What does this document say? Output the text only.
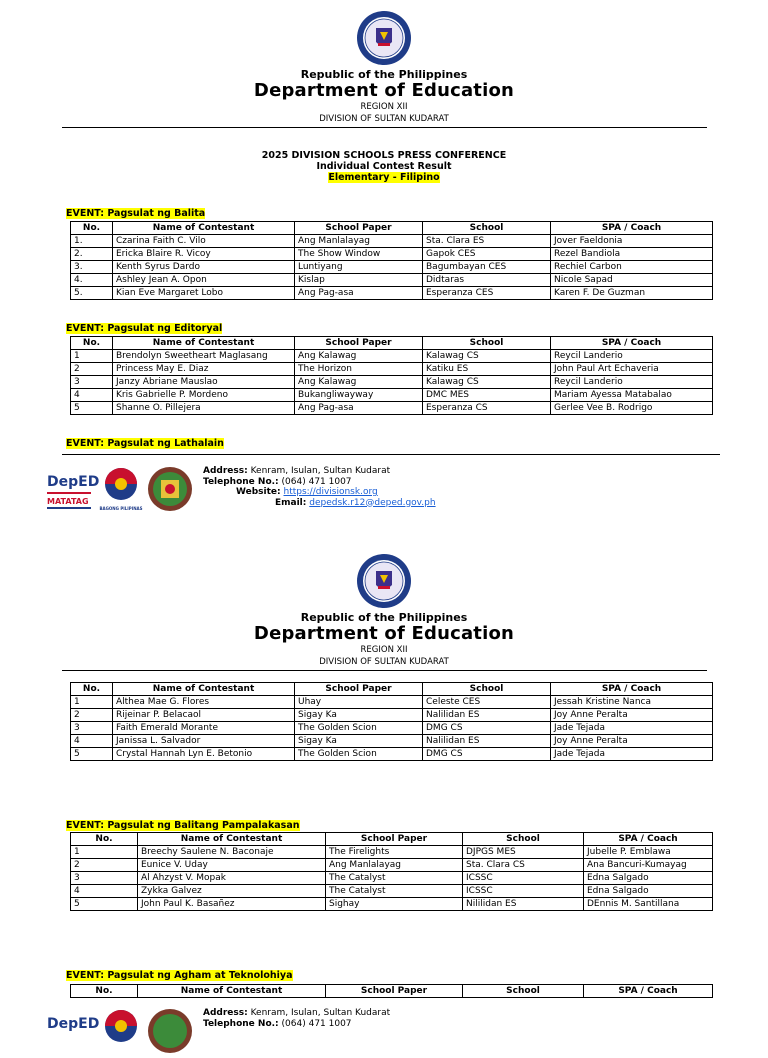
Republic of the Philippines
Department of Education
REGION XII
DIVISION OF SULTAN KUDARAT
2025 DIVISION SCHOOLS PRESS CONFERENCE
Individual Contest Result
Elementary - Filipino
EVENT: Pagsulat ng Balita
No.	Name of Contestant	School Paper	School	SPA / Coach
1.	Czarina Faith C. Vilo	Ang Manlalayag	Sta. Clara ES	Jover Faeldonia
2.	Ericka Blaire R. Vicoy	The Show Window	Gapok CES	Rezel Bandiola
3.	Kenth Syrus Dardo	Luntiyang	Bagumbayan CES	Rechiel Carbon
4.	Ashley Jean A. Opon	Kislap	Didtaras	Nicole Sapad
5.	Kian Eve Margaret Lobo	Ang Pag-asa	Esperanza CES	Karen F. De Guzman
EVENT: Pagsulat ng Editoryal
No.	Name of Contestant	School Paper	School	SPA / Coach
1	Brendolyn Sweetheart Maglasang	Ang Kalawag	Kalawag CS	Reycil Landerio
2	Princess May E. Diaz	The Horizon	Katiku ES	John Paul Art Echaveria
3	Janzy Abriane Mauslao	Ang Kalawag	Kalawag CS	Reycil Landerio
4	Kris Gabrielle P. Mordeno	Bukangliwayway	DMC MES	Mariam Ayessa Matabalao
5	Shanne O. Pillejera	Ang Pag-asa	Esperanza CS	Gerlee Vee B. Rodrigo
EVENT: Pagsulat ng Lathalain
DepED
MATATAG
BAGONG PILIPINAS
Address: Kenram, Isulan, Sultan Kudarat
Telephone No.: (064) 471 1007
Website: https://divisionsk.org
Email: depedsk.r12@deped.gov.ph
Republic of the Philippines
Department of Education
REGION XII
DIVISION OF SULTAN KUDARAT
No.	Name of Contestant	School Paper	School	SPA / Coach
1	Althea Mae G. Flores	Uhay	Celeste CES	Jessah Kristine Nanca
2	Rijeinar P. Belacaol	Sigay Ka	Nalilidan ES	Joy Anne Peralta
3	Faith Emerald Morante	The Golden Scion	DMG CS	Jade Tejada
4	Janissa L. Salvador	Sigay Ka	Nalilidan ES	Joy Anne Peralta
5	Crystal Hannah Lyn E. Betonio	The Golden Scion	DMG CS	Jade Tejada
EVENT: Pagsulat ng Balitang Pampalakasan
No.	Name of Contestant	School Paper	School	SPA / Coach
1	Breechy Saulene N. Baconaje	The Firelights	DJPGS MES	Jubelle P. Emblawa
2	Eunice V. Uday	Ang Manlalayag	Sta. Clara CS	Ana Bancuri-Kumayag
3	Al Ahzyst V. Mopak	The Catalyst	ICSSC	Edna Salgado
4	Zykka Galvez	The Catalyst	ICSSC	Edna Salgado
5	John Paul K. Basañez	Sighay	Nililidan ES	DEnnis M. Santillana
EVENT: Pagsulat ng Agham at Teknolohiya
No.	Name of Contestant	School Paper	School	SPA / Coach
DepED
Address: Kenram, Isulan, Sultan Kudarat
Telephone No.: (064) 471 1007
